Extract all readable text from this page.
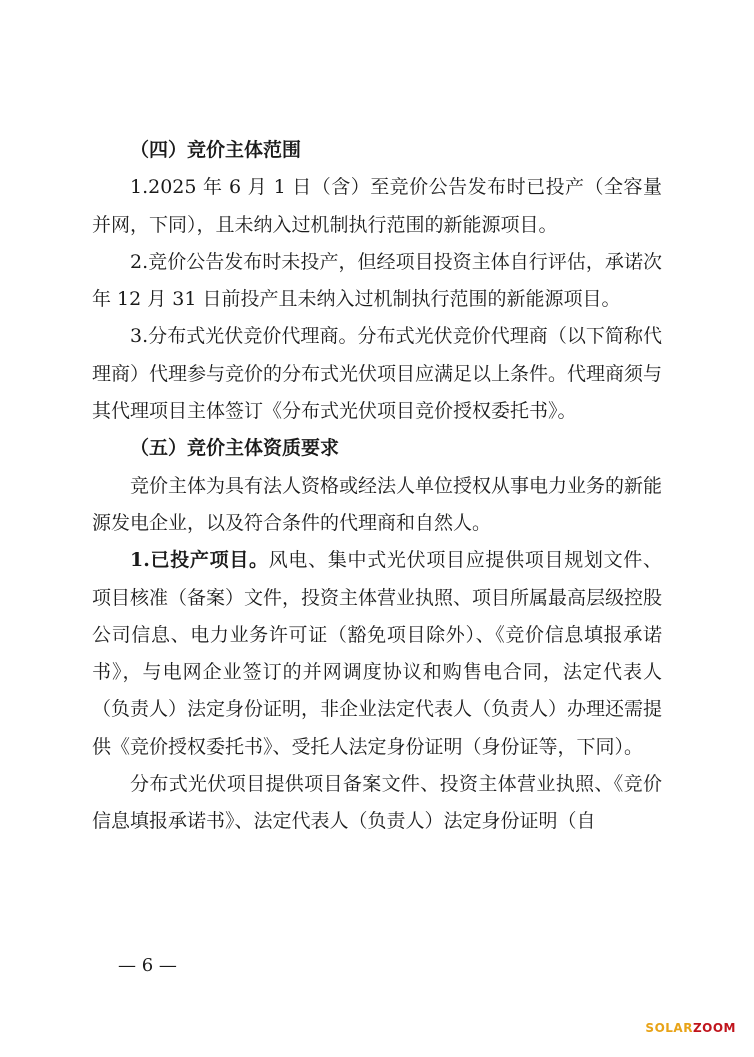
（四）竞价主体范围

1.2025 年 6 月 1 日（含）至竞价公告发布时已投产（全容量并网，下同），且未纳入过机制执行范围的新能源项目。

2.竞价公告发布时未投产，但经项目投资主体自行评估，承诺次年 12 月 31 日前投产且未纳入过机制执行范围的新能源项目。

3.分布式光伏竞价代理商。分布式光伏竞价代理商（以下简称代理商）代理参与竞价的分布式光伏项目应满足以上条件。代理商须与其代理项目主体签订《分布式光伏项目竞价授权委托书》。

（五）竞价主体资质要求

竞价主体为具有法人资格或经法人单位授权从事电力业务的新能源发电企业，以及符合条件的代理商和自然人。

1.已投产项目。风电、集中式光伏项目应提供项目规划文件、项目核准（备案）文件，投资主体营业执照、项目所属最高层级控股公司信息、电力业务许可证（豁免项目除外）、《竞价信息填报承诺书》，与电网企业签订的并网调度协议和购售电合同，法定代表人（负责人）法定身份证明，非企业法定代表人（负责人）办理还需提供《竞价授权委托书》、受托人法定身份证明（身份证等，下同）。

分布式光伏项目提供项目备案文件、投资主体营业执照、《竞价信息填报承诺书》、法定代表人（负责人）法定身份证明（自

— 6 —
SOLARZOOM
